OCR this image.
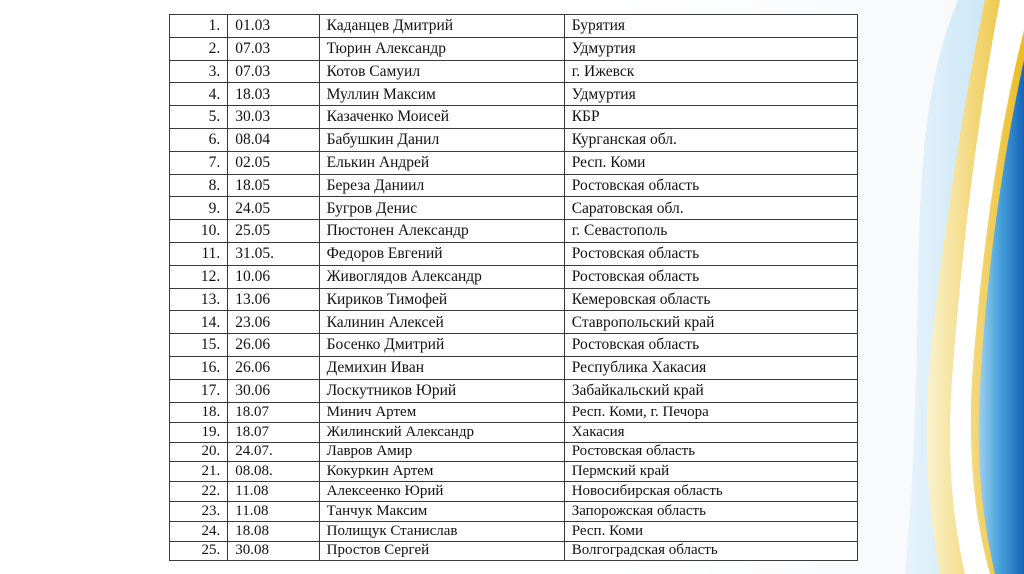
1.	01.03	Каданцев Дмитрий	Бурятия
2.	07.03	Тюрин Александр	Удмуртия
3.	07.03	Котов Самуил	г. Ижевск
4.	18.03	Муллин Максим	Удмуртия
5.	30.03	Казаченко Моисей	КБР
6.	08.04	Бабушкин Данил	Курганская обл.
7.	02.05	Елькин Андрей	Респ. Коми
8.	18.05	Береза Даниил	Ростовская область
9.	24.05	Бугров Денис	Саратовская обл.
10.	25.05	Пюстонен Александр	г. Севастополь
11.	31.05.	Федоров Евгений	Ростовская область
12.	10.06	Живоглядов Александр	Ростовская область
13.	13.06	Кириков Тимофей	Кемеровская область
14.	23.06	Калинин Алексей	Ставропольский край
15.	26.06	Босенко Дмитрий	Ростовская область
16.	26.06	Демихин Иван	Республика Хакасия
17.	30.06	Лоскутников Юрий	Забайкальский край
18.	18.07	Минич Артем	Респ. Коми, г. Печора
19.	18.07	Жилинский Александр	Хакасия
20.	24.07.	Лавров Амир	Ростовская область
21.	08.08.	Кокуркин Артем	Пермский край
22.	11.08	Алексеенко Юрий	Новосибирская область
23.	11.08	Танчук Максим	Запорожская область
24.	18.08	Полищук Станислав	Респ. Коми
25.	30.08	Простов Сергей	Волгоградская область
